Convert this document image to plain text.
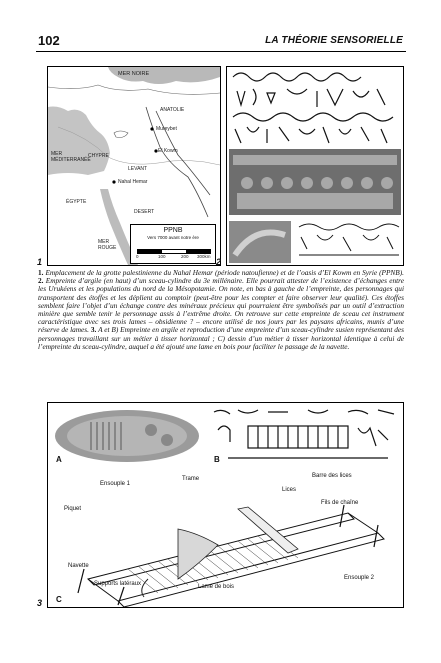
102	LA THÉORIE SENSORIELLE
MER NOIRE
ANATOLIE
CHYPRE
MER MÉDITERRANÉE
Mureybet
El Kowm
LEVANT
Nahal Hemar
DESERT
ÉGYPTE
MER ROUGE
PPNB
Vers 7000 avant notre ère
0	100	200 300km
1	2
1. Emplacement de la grotte palestinienne du Nahal Hemar (période natoufienne) et de l’oasis d’El Kowm en Syrie (PPNB). 2. Empreinte d’argile (en haut) d’un sceau-cylindre du 3e millénaire. Elle pourrait attester de l’existence d’échanges entre les Urukéens et les populations du nord de la Mésopotamie. On note, en bas à gauche de l’empreinte, des personnages qui transportent des étoffes et les déplient au comptoir (peut-être pour les compter et faire observer leur qualité). Ces étoffes semblent faire l’objet d’un échange contre des minéraux précieux qui pourraient être symbolisés par un outil d’extraction minière que semble tenir le personnage assis à l’extrême droite. On retrouve sur cette empreinte de sceau cet instrument caractéristique avec ses trois lames – obsidienne ? – encore utilisé de nos jours par les paysans africains, munis d’une réserve de lames. 3. A et B) Empreinte en argile et reproduction d’une empreinte d’un sceau-cylindre susien représentant des personnages travaillant sur un métier à tisser horizontal ; C) dessin d’un métier à tisser horizontal identique à celui de l’empreinte du sceau-cylindre, auquel a été ajouté une lame en bois pour faciliter le passage de la navette.
A	B
Trame	Barre des lices
Ensouple 1
Lices
Fils de chaîne
Piquet
Navette
Supports latéraux	Lame de bois
Ensouple 2
C
3
